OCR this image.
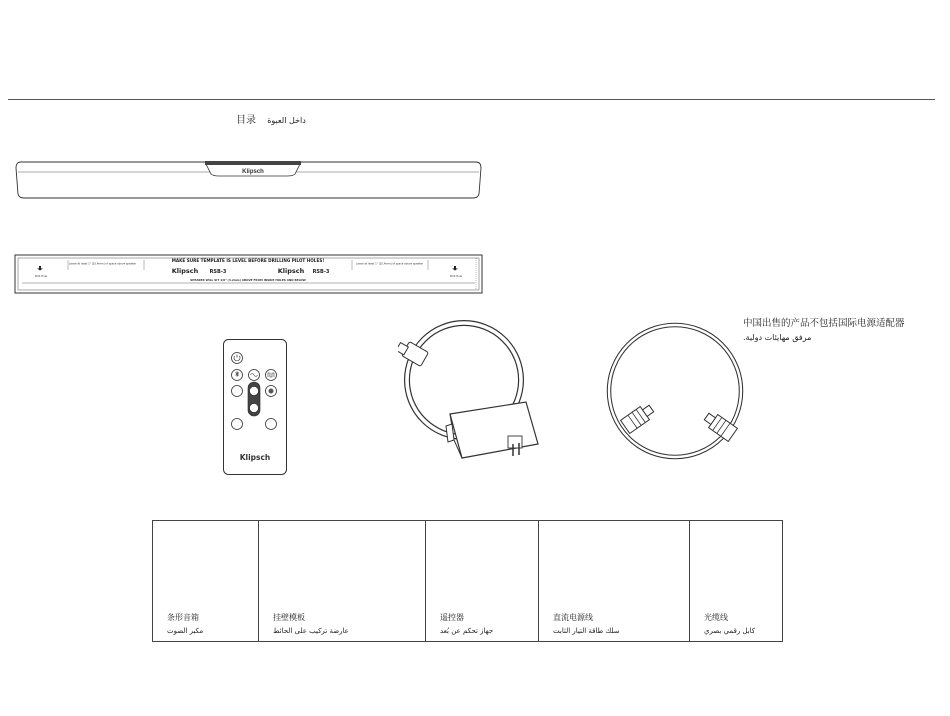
目录 داخل العبوة
Klipsch
MAKE SURE TEMPLATE IS LEVEL BEFORE DRILLING PILOT HOLES!
Leave at least 1" (25.4mm) of space above speaker	Leave at least 1" (25.4mm) of space above speaker
Klipsch RSB-3	Klipsch RSB-3
SPEAKER WILL SIT 1/8" (3.2mm) ABOVE FROM INSIDE HOLES AND BELOW
Pilot Hole	Pilot Hole
中国出售的产品不包括国际电源适配器
مرفق مهايئات دولية.
Klipsch
条形音箱
مكبر الصوت

挂壁模板
عارضة تركيب على الحائط

遥控器
جهاز تحكم عن بُعد

直流电源线
سلك طاقة التيار الثابت

光缆线
كابل رقمي بصري
